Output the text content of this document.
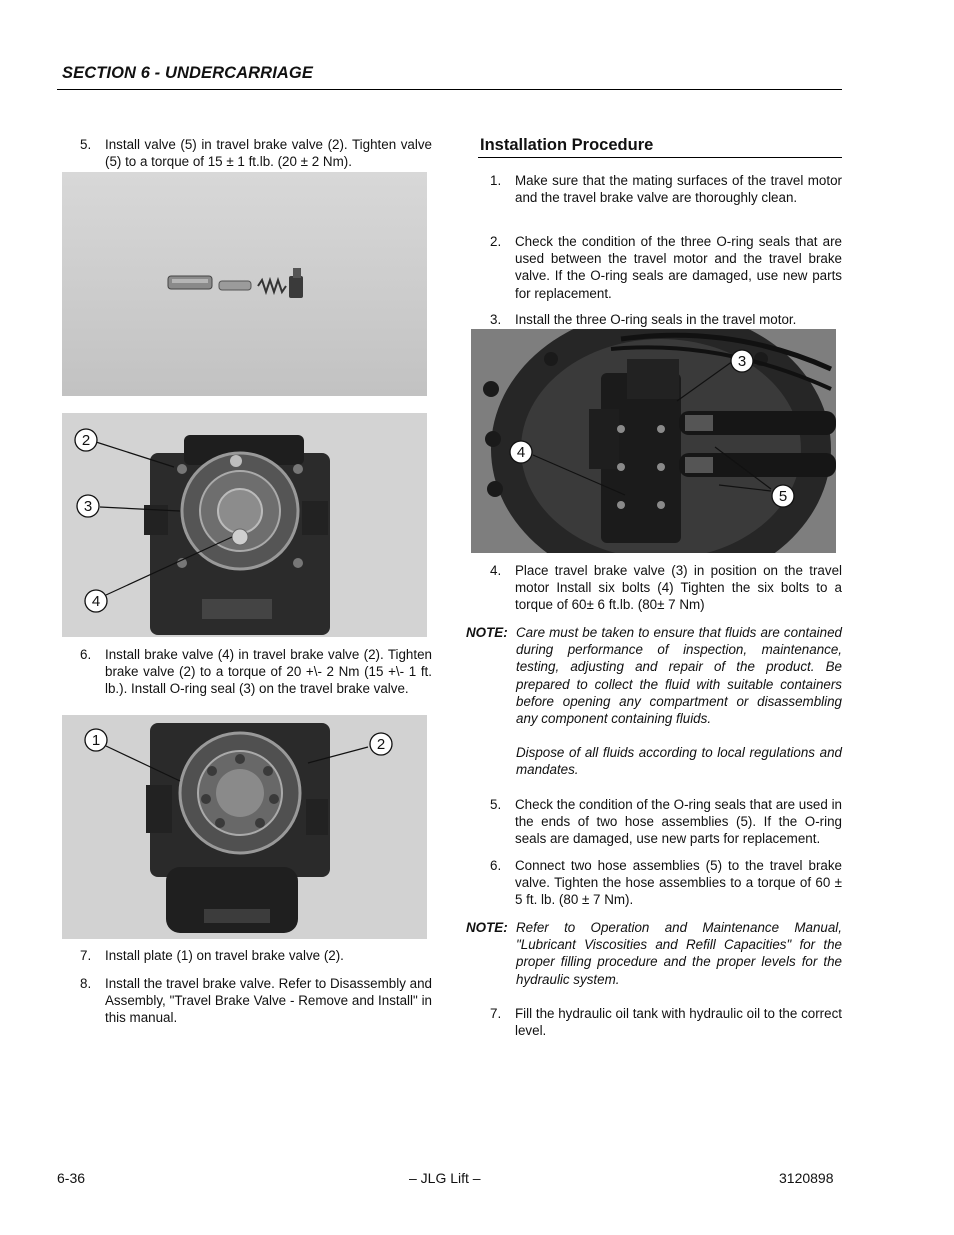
SECTION 6 - UNDERCARRIAGE
5. Install valve (5) in travel brake valve (2). Tighten valve (5) to a torque of 15 ± 1 ft.lb. (20 ± 2 Nm).
2
3
4
6. Install brake valve (4) in travel brake valve (2). Tighten brake valve (2) to a torque of 20 +\- 2 Nm (15 +\- 1 ft. lb.). Install O-ring seal (3) on the travel brake valve.
1	2
7. Install plate (1) on travel brake valve (2).
8. Install the travel brake valve. Refer to Disassembly and Assembly, "Travel Brake Valve - Remove and Install" in this manual.
Installation Procedure
1. Make sure that the mating surfaces of the travel motor and the travel brake valve are thoroughly clean.
2. Check the condition of the three O-ring seals that are used between the travel motor and the travel brake valve. If the O-ring seals are damaged, use new parts for replacement.
3. Install the three O-ring seals in the travel motor.
3
4
5
4. Place travel brake valve (3) in position on the travel motor Install six bolts (4) Tighten the six bolts to a torque of 60± 6 ft.lb. (80± 7 Nm)
NOTE: Care must be taken to ensure that fluids are contained during performance of inspection, maintenance, testing, adjusting and repair of the product. Be prepared to collect the fluid with suitable containers before opening any compartment or disassembling any component containing fluids.
Dispose of all fluids according to local regulations and mandates.
5. Check the condition of the O-ring seals that are used in the ends of two hose assemblies (5). If the O-ring seals are damaged, use new parts for replacement.
6. Connect two hose assemblies (5) to the travel brake valve. Tighten the hose assemblies to a torque of 60 ± 5 ft. lb. (80 ± 7 Nm).
NOTE: Refer to Operation and Maintenance Manual, "Lubricant Viscosities and Refill Capacities" for the proper filling procedure and the proper levels for the hydraulic system.
7. Fill the hydraulic oil tank with hydraulic oil to the correct level.
6-36	– JLG Lift –	3120898
